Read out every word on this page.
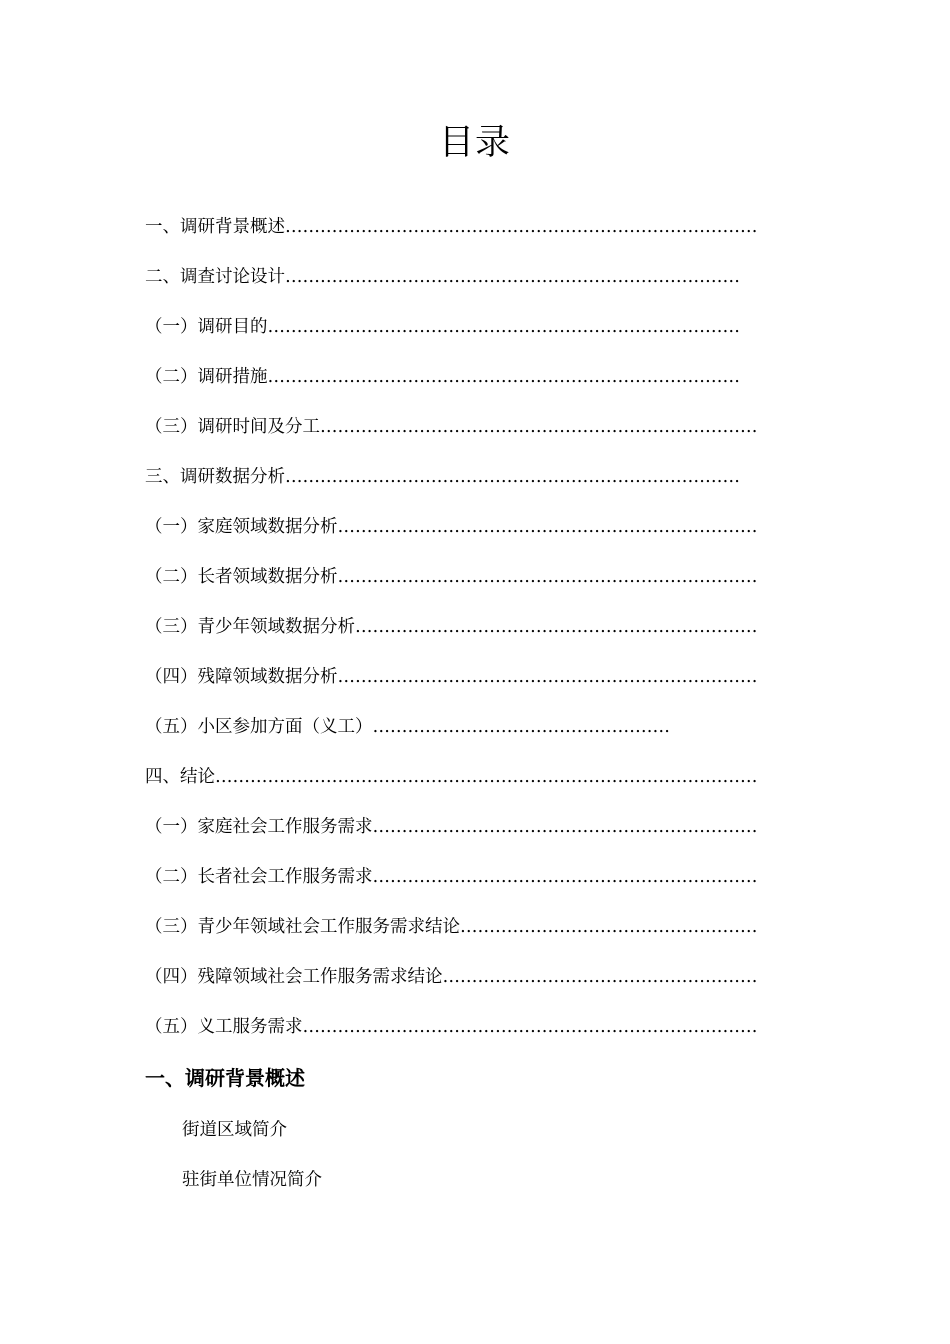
目录
一、调研背景概述………………………………………………………………………
二、调查讨论设计……………………………………………………………………
（一）调研目的………………………………………………………………………
（二）调研措施………………………………………………………………………
（三）调研时间及分工…………………………………………………………………
三、调研数据分析……………………………………………………………………
（一）家庭领域数据分析………………………………………………………………
（二）长者领域数据分析………………………………………………………………
（三）青少年领域数据分析……………………………………………………………
（四）残障领域数据分析………………………………………………………………
（五）小区参加方面（义工）……………………………………………
四、结论…………………………………………………………………………………
（一）家庭社会工作服务需求…………………………………………………………
（二）长者社会工作服务需求…………………………………………………………
（三）青少年领域社会工作服务需求结论……………………………………………
（四）残障领域社会工作服务需求结论………………………………………………
（五）义工服务需求……………………………………………………………………
一、调研背景概述
街道区域简介
驻街单位情况简介
